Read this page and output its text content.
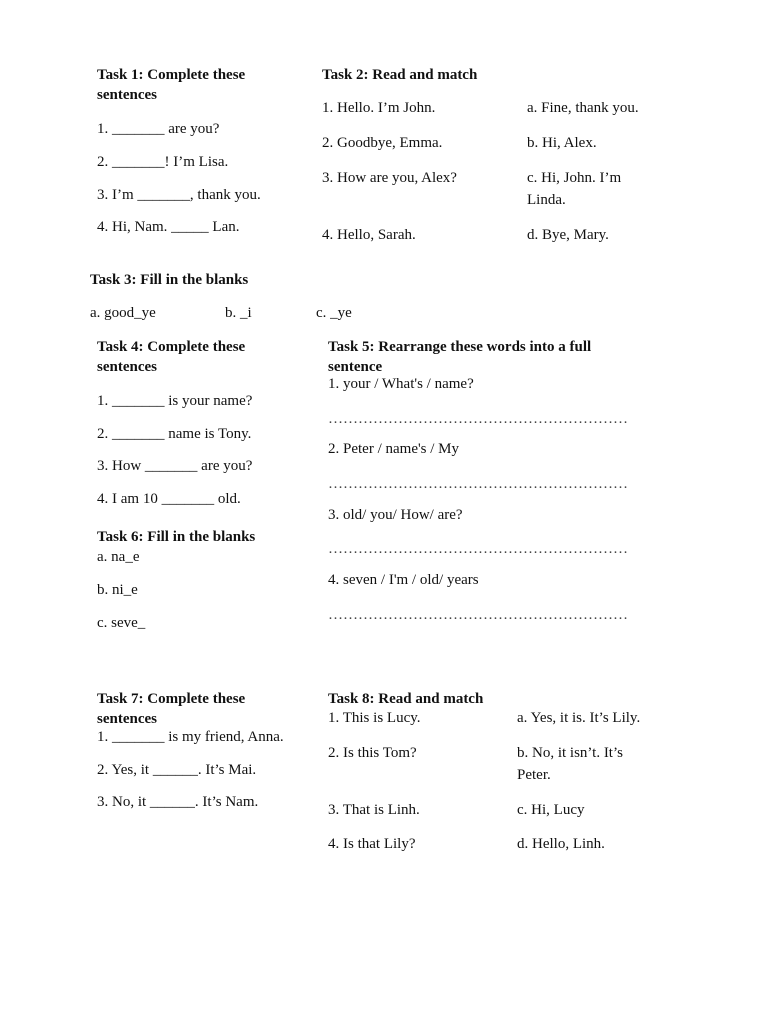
Task 1: Complete these
sentences
1. _______ are you?
2. _______! I’m Lisa.
3. I’m _______, thank you.
4. Hi, Nam. _____ Lan.
Task 2: Read and match
1. Hello. I’m John.
2. Goodbye, Emma.
3. How are you, Alex?
4. Hello, Sarah.
a. Fine, thank you.
b. Hi, Alex.
c. Hi, John. I’m
Linda.
d. Bye, Mary.
Task 3: Fill in the blanks
a. good_ye	b. _i	c. _ye
Task 4: Complete these
sentences
1. _______ is your name?
2. _______ name is Tony.
3. How _______ are you?
4. I am 10 _______ old.
Task 5: Rearrange these words into a full
sentence
1. your / What's / name?
……………………………………………………
2. Peter / name's / My
……………………………………………………
3. old/ you/ How/ are?
……………………………………………………
4. seven / I'm / old/ years
……………………………………………………
Task 6: Fill in the blanks
a. na_e
b. ni_e
c. seve_
Task 7: Complete these
sentences
1. _______ is my friend, Anna.
2. Yes, it ______. It’s Mai.
3. No, it ______. It’s Nam.
Task 8: Read and match
1. This is Lucy.
2. Is this Tom?
3. That is Linh.
4. Is that Lily?
a. Yes, it is. It’s Lily.
b. No, it isn’t. It’s
Peter.
c. Hi, Lucy
d. Hello, Linh.
